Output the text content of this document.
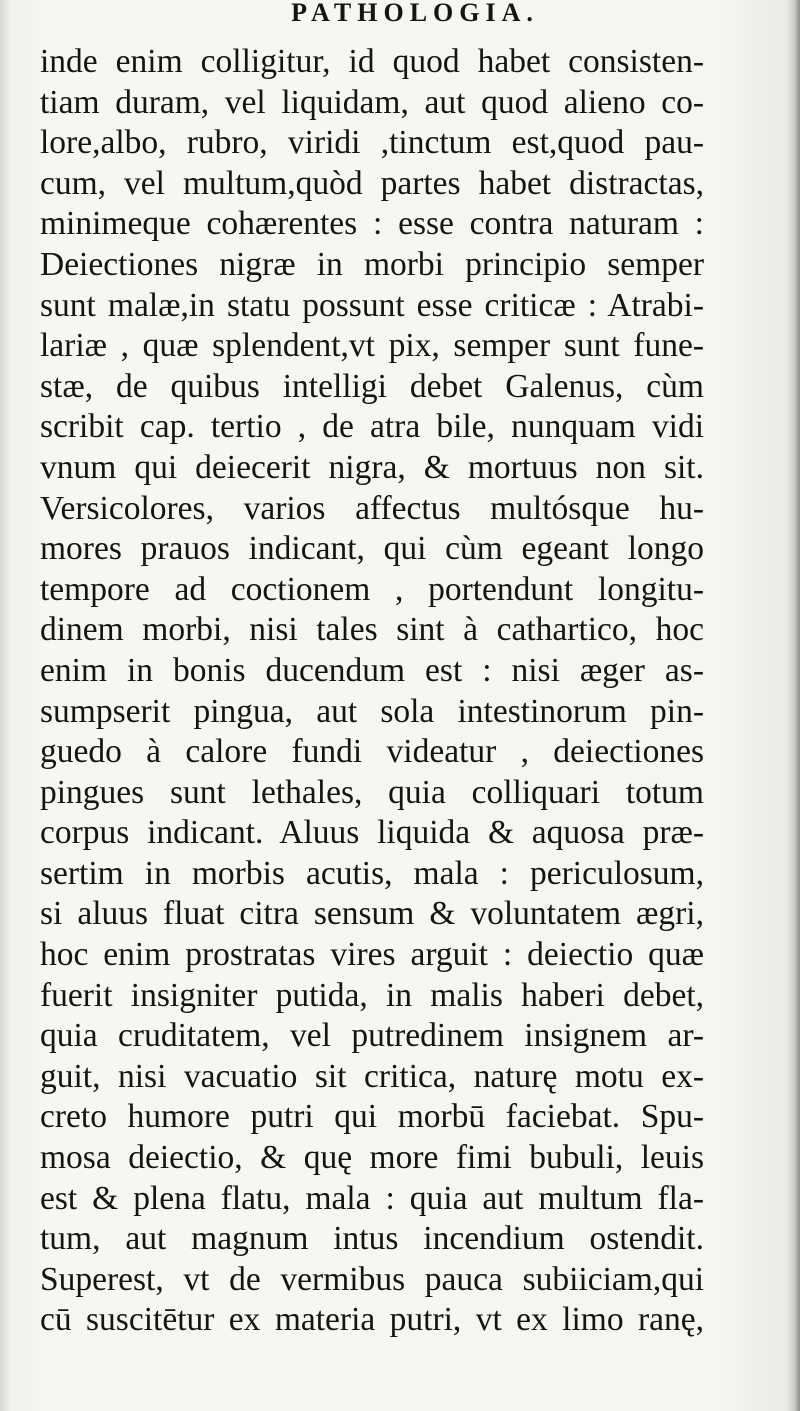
PATHOLOGIA.
inde enim colligitur, id quod habet consisten-
tiam duram, vel liquidam, aut quod alieno co-
lore,albo, rubro, viridi ,tinctum est,quod pau-
cum, vel multum,quòd partes habet distractas,
minimeque cohærentes : esse contra naturam :
Deiectiones nigræ in morbi principio semper
sunt malæ,in statu possunt esse criticæ : Atrabi-
lariæ , quæ splendent,vt pix, semper sunt fune-
stæ, de quibus intelligi debet Galenus, cùm
scribit cap. tertio , de atra bile, nunquam vidi
vnum qui deiecerit nigra, & mortuus non sit.
Versicolores, varios affectus multósque hu-
mores prauos indicant, qui cùm egeant longo
tempore ad coctionem , portendunt longitu-
dinem morbi, nisi tales sint à cathartico, hoc
enim in bonis ducendum est : nisi æger as-
sumpserit pingua, aut sola intestinorum pin-
guedo à calore fundi videatur , deiectiones
pingues sunt lethales, quia colliquari totum
corpus indicant. Aluus liquida & aquosa præ-
sertim in morbis acutis, mala : periculosum,
si aluus fluat citra sensum & voluntatem ægri,
hoc enim prostratas vires arguit : deiectio quæ
fuerit insigniter putida, in malis haberi debet,
quia cruditatem, vel putredinem insignem ar-
guit, nisi vacuatio sit critica, naturę motu ex-
creto humore putri qui morbū faciebat. Spu-
mosa deiectio, & quę more fimi bubuli, leuis
est & plena flatu, mala : quia aut multum fla-
tum, aut magnum intus incendium ostendit.
Superest, vt de vermibus pauca subiiciam,qui
cū suscitētur ex materia putri, vt ex limo ranę,
